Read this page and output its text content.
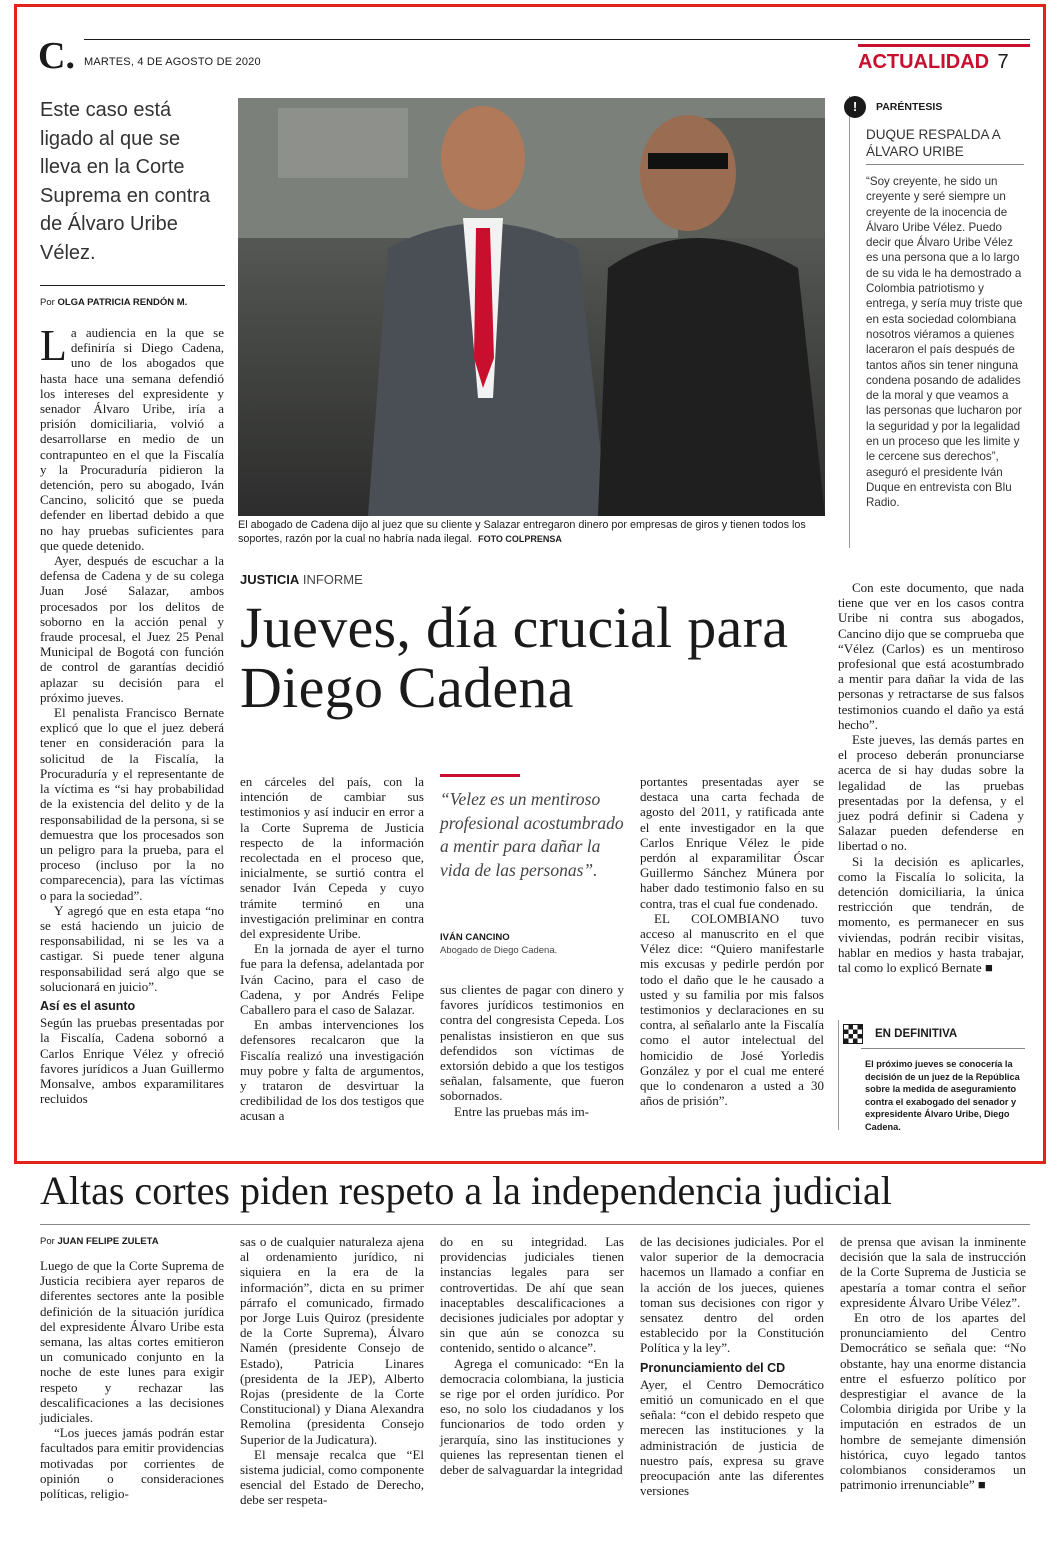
C. MARTES, 4 DE AGOSTO DE 2020	ACTUALIDAD 7
Este caso está ligado al que se lleva en la Corte Suprema en contra de Álvaro Uribe Vélez.
Por OLGA PATRICIA RENDÓN M.
El abogado de Cadena dijo al juez que su cliente y Salazar entregaron dinero por empresas de giros y tienen todos los soportes, razón por la cual no habría nada ilegal. FOTO COLPRENSA
!	PARÉNTESIS
DUQUE RESPALDA A ÁLVARO URIBE
“Soy creyente, he sido un creyente y seré siempre un creyente de la inocencia de Álvaro Uribe Vélez. Puedo decir que Álvaro Uribe Vélez es una persona que a lo largo de su vida le ha demostrado a Colombia patriotismo y entrega, y sería muy triste que en esta sociedad colombiana nosotros viéramos a quienes laceraron el país después de tantos años sin tener ninguna condena posando de adalides de la moral y que veamos a las personas que lucharon por la seguridad y por la legalidad en un proceso que les limite y le cercene sus derechos”, aseguró el presidente Iván Duque en entrevista con Blu Radio.
JUSTICIA INFORME
Jueves, día crucial para Diego Cadena

La audiencia en la que se definiría si Diego Cadena, uno de los abogados que hasta hace una semana defendió los intereses del expresidente y senador Álvaro Uribe, iría a prisión domiciliaria, volvió a desarrollarse en medio de un contrapunteo en el que la Fiscalía y la Procuraduría pidieron la detención, pero su abogado, Iván Cancino, solicitó que se pueda defender en libertad debido a que no hay pruebas suficientes para que quede detenido.

Ayer, después de escuchar a la defensa de Cadena y de su colega Juan José Salazar, ambos procesados por los delitos de soborno en la acción penal y fraude procesal, el Juez 25 Penal Municipal de Bogotá con función de control de garantías decidió aplazar su decisión para el próximo jueves.

El penalista Francisco Bernate explicó que lo que el juez deberá tener en consideración para la solicitud de la Fiscalía, la Procuraduría y el representante de la víctima es “si hay probabilidad de la existencia del delito y de la responsabilidad de la persona, si se demuestra que los procesados son un peligro para la prueba, para el proceso (incluso por la no comparecencia), para las víctimas o para la sociedad”.

Y agregó que en esta etapa “no se está haciendo un juicio de responsabilidad, ni se les va a castigar. Si puede tener alguna responsabilidad será algo que se solucionará en juicio”.

Así es el asunto

Según las pruebas presentadas por la Fiscalía, Cadena sobornó a Carlos Enrique Vélez y ofreció favores jurídicos a Juan Guillermo Monsalve, ambos exparamilitares recluidos

en cárceles del país, con la intención de cambiar sus testimonios y así inducir en error a la Corte Suprema de Justicia respecto de la información recolectada en el proceso que, inicialmente, se surtió contra el senador Iván Cepeda y cuyo trámite terminó en una investigación preliminar en contra del expresidente Uribe.

En la jornada de ayer el turno fue para la defensa, adelantada por Iván Cacino, para el caso de Cadena, y por Andrés Felipe Caballero para el caso de Salazar.

En ambas intervenciones los defensores recalcaron que la Fiscalía realizó una investigación muy pobre y falta de argumentos, y trataron de desvirtuar la credibilidad de los dos testigos que acusan a

“Velez es un mentiroso profesional acostumbrado a mentir para dañar la vida de las personas”.
IVÁN CANCINO
Abogado de Diego Cadena.

sus clientes de pagar con dinero y favores jurídicos testimonios en contra del congresista Cepeda. Los penalistas insistieron en que sus defendidos son víctimas de extorsión debido a que los testigos señalan, falsamente, que fueron sobornados.

Entre las pruebas más im-

portantes presentadas ayer se destaca una carta fechada de agosto del 2011, y ratificada ante el ente investigador en la que Carlos Enrique Vélez le pide perdón al exparamilitar Óscar Guillermo Sánchez Múnera por haber dado testimonio falso en su contra, tras el cual fue condenado.

EL COLOMBIANO tuvo acceso al manuscrito en el que Vélez dice: “Quiero manifestarle mis excusas y pedirle perdón por todo el daño que le he causado a usted y su familia por mis falsos testimonios y declaraciones en su contra, al señalarlo ante la Fiscalía como el autor intelectual del homicidio de José Yorledis González y por el cual me enteré que lo condenaron a usted a 30 años de prisión”.

Con este documento, que nada tiene que ver en los casos contra Uribe ni contra sus abogados, Cancino dijo que se comprueba que “Vélez (Carlos) es un mentiroso profesional que está acostumbrado a mentir para dañar la vida de las personas y retractarse de sus falsos testimonios cuando el daño ya está hecho”.

Este jueves, las demás partes en el proceso deberán pronunciarse acerca de si hay dudas sobre la legalidad de las pruebas presentadas por la defensa, y el juez podrá definir si Cadena y Salazar pueden defenderse en libertad o no.

Si la decisión es aplicarles, como la Fiscalía lo solicita, la detención domiciliaria, la única restricción que tendrán, de momento, es permanecer en sus viviendas, podrán recibir visitas, hablar en medios y hasta trabajar, tal como lo explicó Bernate ■

EN DEFINITIVA
El próximo jueves se conocería la decisión de un juez de la República sobre la medida de aseguramiento contra el exabogado del senador y expresidente Álvaro Uribe, Diego Cadena.
Altas cortes piden respeto a la independencia judicial
Por JUAN FELIPE ZULETA

Luego de que la Corte Suprema de Justicia recibiera ayer reparos de diferentes sectores ante la posible definición de la situación jurídica del expresidente Álvaro Uribe esta semana, las altas cortes emitieron un comunicado conjunto en la noche de este lunes para exigir respeto y rechazar las descalificaciones a las decisiones judiciales.

“Los jueces jamás podrán estar facultados para emitir providencias motivadas por corrientes de opinión o consideraciones políticas, religio-

sas o de cualquier naturaleza ajena al ordenamiento jurídico, ni siquiera en la era de la información”, dicta en su primer párrafo el comunicado, firmado por Jorge Luis Quiroz (presidente de la Corte Suprema), Álvaro Namén (presidente Consejo de Estado), Patricia Linares (presidenta de la JEP), Alberto Rojas (presidente de la Corte Constitucional) y Diana Alexandra Remolina (presidenta Consejo Superior de la Judicatura).

El mensaje recalca que “El sistema judicial, como componente esencial del Estado de Derecho, debe ser respeta-

do en su integridad. Las providencias judiciales tienen instancias legales para ser controvertidas. De ahí que sean inaceptables descalificaciones a decisiones judiciales por adoptar y sin que aún se conozca su contenido, sentido o alcance”.

Agrega el comunicado: “En la democracia colombiana, la justicia se rige por el orden jurídico. Por eso, no solo los ciudadanos y los funcionarios de todo orden y jerarquía, sino las instituciones y quienes las representan tienen el deber de salvaguardar la integridad

de las decisiones judiciales. Por el valor superior de la democracia hacemos un llamado a confiar en la acción de los jueces, quienes toman sus decisiones con rigor y sensatez dentro del orden establecido por la Constitución Política y la ley”.

Pronunciamiento del CD

Ayer, el Centro Democrático emitió un comunicado en el que señala: “con el debido respeto que merecen las instituciones y la administración de justicia de nuestro país, expresa su grave preocupación ante las diferentes versiones

de prensa que avisan la inminente decisión que la sala de instrucción de la Corte Suprema de Justicia se apestaría a tomar contra el señor expresidente Álvaro Uribe Vélez”.

En otro de los apartes del pronunciamiento del Centro Democrático se señala que: “No obstante, hay una enorme distancia entre el esfuerzo político por desprestigiar el avance de la Colombia dirigida por Uribe y la imputación en estrados de un hombre de semejante dimensión histórica, cuyo legado tantos colombianos consideramos un patrimonio irrenunciable” ■
